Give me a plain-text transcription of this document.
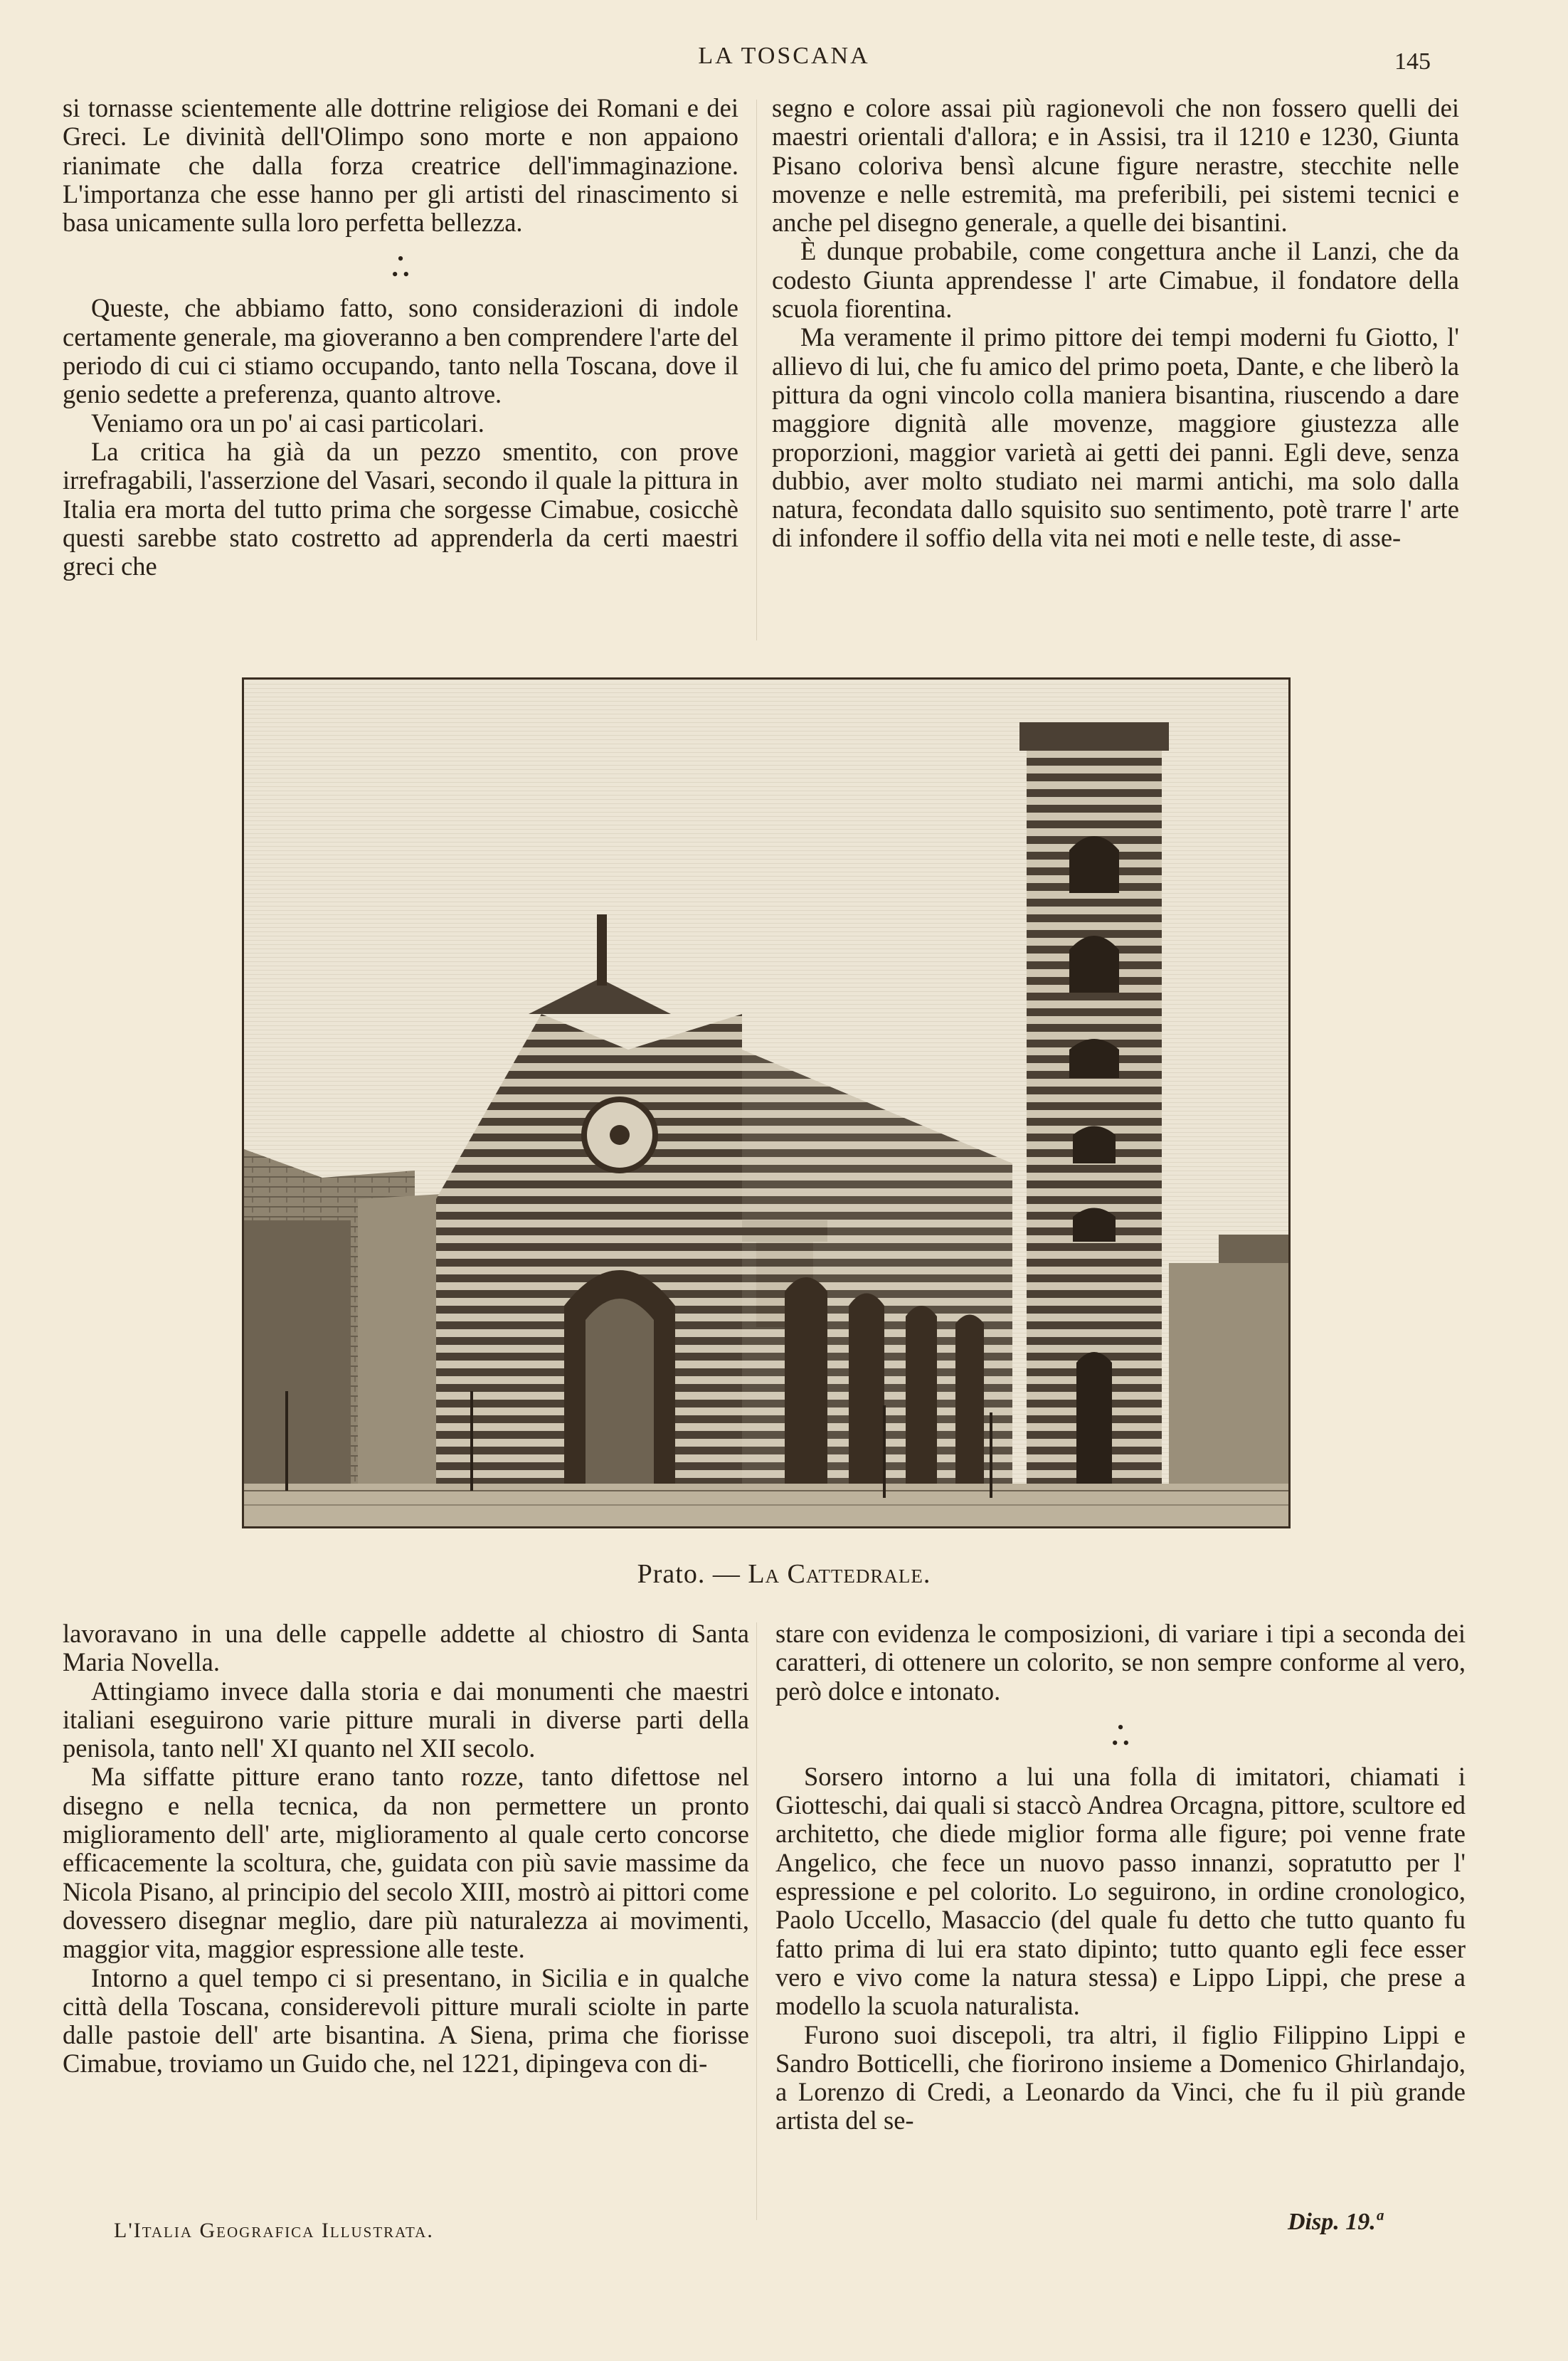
LA TOSCANA	145

si tornasse scientemente alle dottrine religiose dei Romani e dei Greci. Le divinità dell'Olimpo sono morte e non appaiono rianimate che dalla forza creatrice dell'immaginazione. L'importanza che esse hanno per gli artisti del rinascimento si basa unicamente sulla loro perfetta bellezza.

•
• •

Queste, che abbiamo fatto, sono considerazioni di indole certamente generale, ma gioveranno a ben comprendere l'arte del periodo di cui ci stiamo occupando, tanto nella Toscana, dove il genio sedette a preferenza, quanto altrove.

Veniamo ora un po' ai casi particolari.

La critica ha già da un pezzo smentito, con prove irrefragabili, l'asserzione del Vasari, secondo il quale la pittura in Italia era morta del tutto prima che sorgesse Cimabue, cosicchè questi sarebbe stato costretto ad apprenderla da certi maestri greci che

segno e colore assai più ragionevoli che non fossero quelli dei maestri orientali d'allora; e in Assisi, tra il 1210 e 1230, Giunta Pisano coloriva bensì alcune figure nerastre, stecchite nelle movenze e nelle estremità, ma preferibili, pei sistemi tecnici e anche pel disegno generale, a quelle dei bisantini.

È dunque probabile, come congettura anche il Lanzi, che da codesto Giunta apprendesse l' arte Cimabue, il fondatore della scuola fiorentina.

Ma veramente il primo pittore dei tempi moderni fu Giotto, l' allievo di lui, che fu amico del primo poeta, Dante, e che liberò la pittura da ogni vincolo colla maniera bisantina, riuscendo a dare maggiore dignità alle movenze, maggiore giustezza alle proporzioni, maggior varietà ai getti dei panni. Egli deve, senza dubbio, aver molto studiato nei marmi antichi, ma solo dalla natura, fecondata dallo squisito suo sentimento, potè trarre l' arte di infondere il soffio della vita nei moti e nelle teste, di asse-

Prato. — La Cattedrale.

lavoravano in una delle cappelle addette al chiostro di Santa Maria Novella.

Attingiamo invece dalla storia e dai monumenti che maestri italiani eseguirono varie pitture murali in diverse parti della penisola, tanto nell' XI quanto nel XII secolo.

Ma siffatte pitture erano tanto rozze, tanto difettose nel disegno e nella tecnica, da non permettere un pronto miglioramento dell' arte, miglioramento al quale certo concorse efficacemente la scoltura, che, guidata con più savie massime da Nicola Pisano, al principio del secolo XIII, mostrò ai pittori come dovessero disegnar meglio, dare più naturalezza ai movimenti, maggior vita, maggior espressione alle teste.

Intorno a quel tempo ci si presentano, in Sicilia e in qualche città della Toscana, considerevoli pitture murali sciolte in parte dalle pastoie dell' arte bisantina. A Siena, prima che fiorisse Cimabue, troviamo un Guido che, nel 1221, dipingeva con di-

stare con evidenza le composizioni, di variare i tipi a seconda dei caratteri, di ottenere un colorito, se non sempre conforme al vero, però dolce e intonato.

•
• •

Sorsero intorno a lui una folla di imitatori, chiamati i Giotteschi, dai quali si staccò Andrea Orcagna, pittore, scultore ed architetto, che diede miglior forma alle figure; poi venne frate Angelico, che fece un nuovo passo innanzi, sopratutto per l' espressione e pel colorito. Lo seguirono, in ordine cronologico, Paolo Uccello, Masaccio (del quale fu detto che tutto quanto fu fatto prima di lui era stato dipinto; tutto quanto egli fece esser vero e vivo come la natura stessa) e Lippo Lippi, che prese a modello la scuola naturalista.

Furono suoi discepoli, tra altri, il figlio Filippino Lippi e Sandro Botticelli, che fiorirono insieme a Domenico Ghirlandajo, a Lorenzo di Credi, a Leonardo da Vinci, che fu il più grande artista del se-

L'Italia Geografica Illustrata.	Disp. 19.ª
